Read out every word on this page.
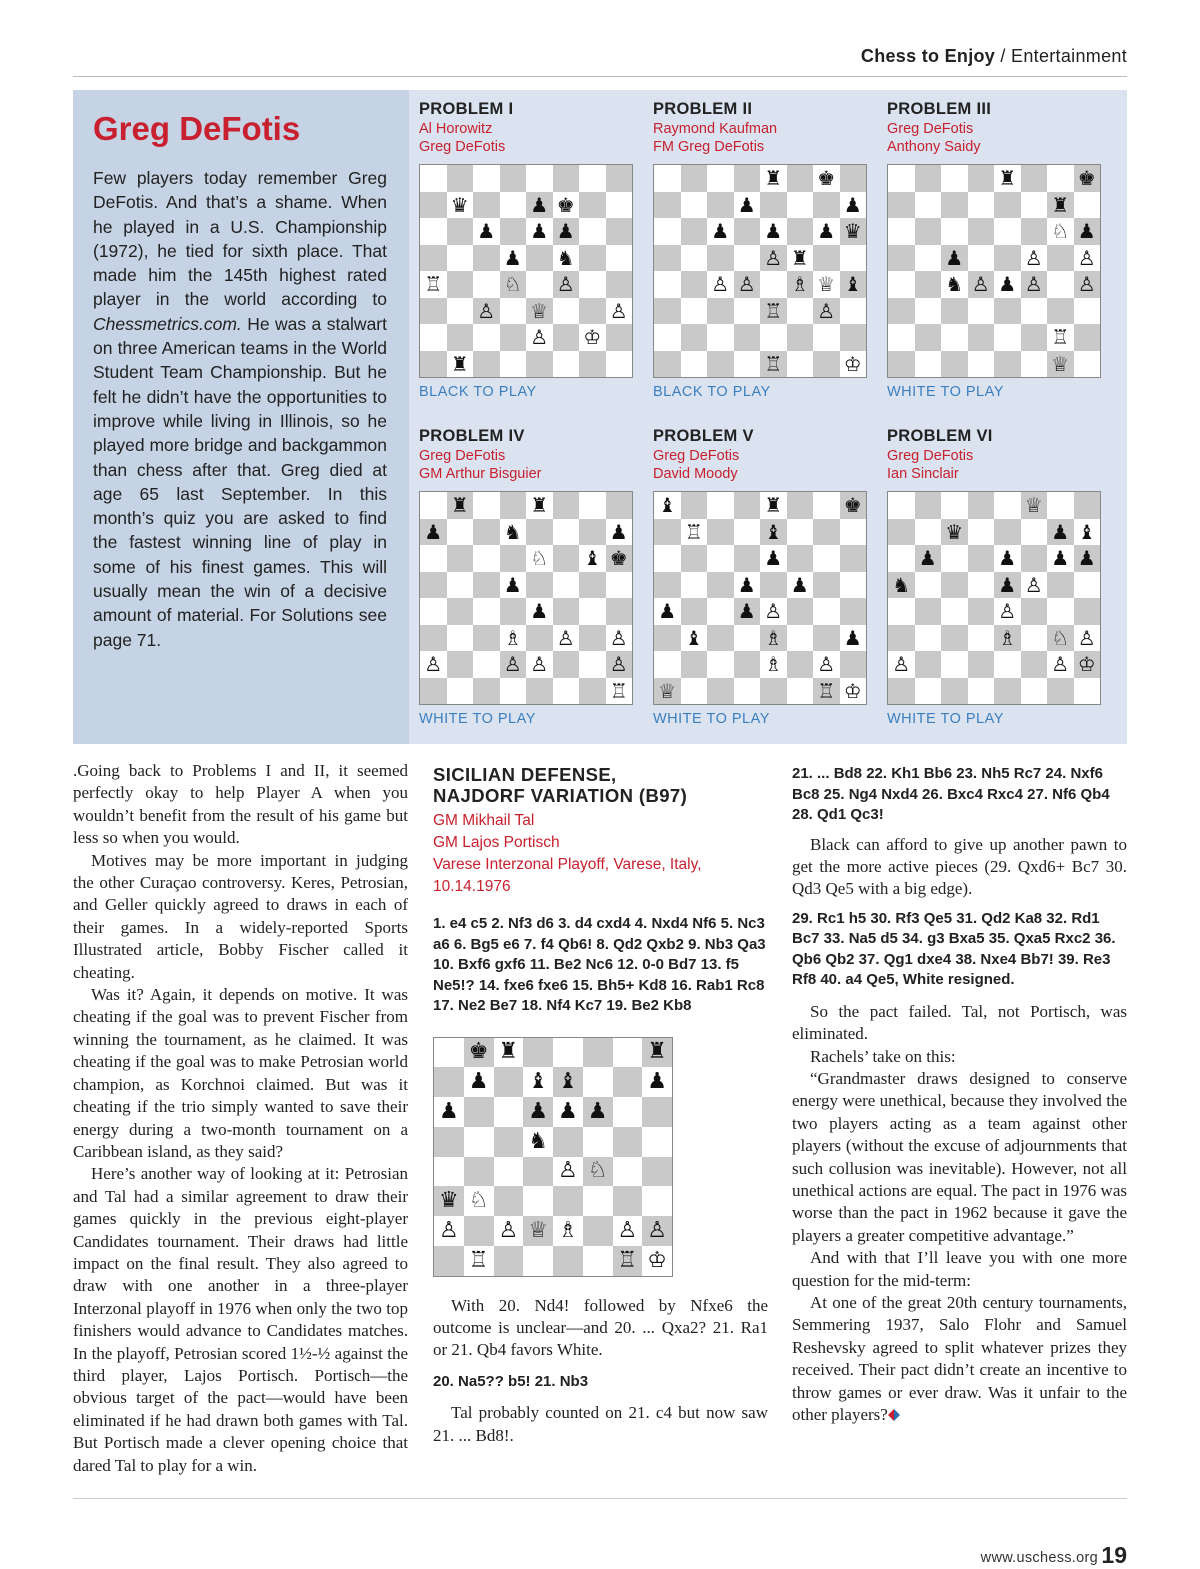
Chess to Enjoy / Entertainment
Greg DeFotis
Few players today remember Greg DeFotis. And that’s a shame. When he played in a U.S. Championship (1972), he tied for sixth place. That made him the 145th highest rated player in the world according to Chessmetrics.com. He was a stalwart on three American teams in the World Student Team Championship. But he felt he didn’t have the opportunities to improve while living in Illinois, so he played more bridge and backgammon than chess after that. Greg died at age 65 last September. In this month’s quiz you are asked to find the fastest winning line of play in some of his finest games. This will usually mean the win of a decisive amount of material. For Solutions see page 71.
PROBLEM I
Al Horowitz
Greg DeFotis
♛	♟ ♚
♟ ♟ ♟
♟ ♞
♖	♘ ♙
♙ ♕	♙
♙ ♔
♜
BLACK TO PLAY
PROBLEM II
Raymond Kaufman
FM Greg DeFotis
♜ ♚
♟	♟
♟ ♟ ♟ ♛
♙ ♜
♙ ♙ ♗ ♕ ♝
♖ ♙
♖	♔
BLACK TO PLAY
PROBLEM III
Greg DeFotis
Anthony Saidy
♜	♚
♜
♘ ♟
♟	♙ ♙
♞ ♙ ♟ ♙ ♙
♖
♕
WHITE TO PLAY
PROBLEM IV
Greg DeFotis
GM Arthur Bisguier
♜	♜
♟	♞	♟
♘ ♝ ♚
♟
♟
♗ ♙ ♙
♙	♙ ♙	♙
♖
WHITE TO PLAY
PROBLEM V
Greg DeFotis
David Moody
♝	♜	♚
♖	♝
♟
♟ ♟
♟	♟ ♙
♝	♗	♟
♗ ♙
♕	♖ ♔
WHITE TO PLAY
PROBLEM VI
Greg DeFotis
Ian Sinclair
♕
♛	♟ ♝
♟	♟ ♟ ♟
♞	♟ ♙
♙
♗ ♘ ♙
♙	♙ ♔
WHITE TO PLAY

.Going back to Problems I and II, it seemed perfectly okay to help Player A when you wouldn’t benefit from the result of his game but less so when you would.

Motives may be more important in judging the other Curaçao controversy. Keres, Petrosian, and Geller quickly agreed to draws in each of their games. In a widely-reported Sports Illustrated article, Bobby Fischer called it cheating.

Was it? Again, it depends on motive. It was cheating if the goal was to prevent Fischer from winning the tournament, as he claimed. It was cheating if the goal was to make Petrosian world champion, as Korchnoi claimed. But was it cheating if the trio simply wanted to save their energy during a two-month tournament on a Caribbean island, as they said?

Here’s another way of looking at it: Petrosian and Tal had a similar agreement to draw their games quickly in the previous eight-player Candidates tournament. Their draws had little impact on the final result. They also agreed to draw with one another in a three-player Interzonal playoff in 1976 when only the two top finishers would advance to Candidates matches. In the playoff, Petrosian scored 1½-½ against the third player, Lajos Portisch. Portisch—the obvious target of the pact—would have been eliminated if he had drawn both games with Tal. But Portisch made a clever opening choice that dared Tal to play for a win.

SICILIAN DEFENSE,
NAJDORF VARIATION (B97)
GM Mikhail Tal
GM Lajos Portisch
Varese Interzonal Playoff, Varese, Italy, 10.14.1976
1. e4 c5 2. Nf3 d6 3. d4 cxd4 4. Nxd4 Nf6 5. Nc3 a6 6. Bg5 e6 7. f4 Qb6! 8. Qd2 Qxb2 9. Nb3 Qa3 10. Bxf6 gxf6 11. Be2 Nc6 12. 0-0 Bd7 13. f5 Ne5!? 14. fxe6 fxe6 15. Bh5+ Kd8 16. Rab1 Rc8 17. Ne2 Be7 18. Nf4 Kc7 19. Be2 Kb8
♚ ♜	♜
♟ ♝ ♝	♟
♟	♟ ♟ ♟
♞
♙ ♘
♛ ♘
♙ ♙ ♕ ♗ ♙ ♙
♖	♖ ♔

With 20. Nd4! followed by Nfxe6 the outcome is unclear—and 20. ... Qxa2? 21. Ra1 or 21. Qb4 favors White.

20. Na5?? b5! 21. Nb3

Tal probably counted on 21. c4 but now saw 21. ... Bd8!.

21. ... Bd8 22. Kh1 Bb6 23. Nh5 Rc7 24. Nxf6 Bc8 25. Ng4 Nxd4 26. Bxc4 Rxc4 27. Nf6 Qb4 28. Qd1 Qc3!

Black can afford to give up another pawn to get the more active pieces (29. Qxd6+ Bc7 30. Qd3 Qe5 with a big edge).

29. Rc1 h5 30. Rf3 Qe5 31. Qd2 Ka8 32. Rd1 Bc7 33. Na5 d5 34. g3 Bxa5 35. Qxa5 Rxc2 36. Qb6 Qb2 37. Qg1 dxe4 38. Nxe4 Bb7! 39. Re3 Rf8 40. a4 Qe5, White resigned.

So the pact failed. Tal, not Portisch, was eliminated.

Rachels’ take on this:

“Grandmaster draws designed to conserve energy were unethical, because they involved the two players acting as a team against other players (without the excuse of adjournments that such collusion was inevitable). However, not all unethical actions are equal. The pact in 1976 was worse than the pact in 1962 because it gave the players a greater competitive advantage.”

And with that I’ll leave you with one more question for the mid-term:

At one of the great 20th century tournaments, Semmering 1937, Salo Flohr and Samuel Reshevsky agreed to split whatever prizes they received. Their pact didn’t create an incentive to throw games or ever draw. Was it unfair to the other players?

www.uschess.org 19
